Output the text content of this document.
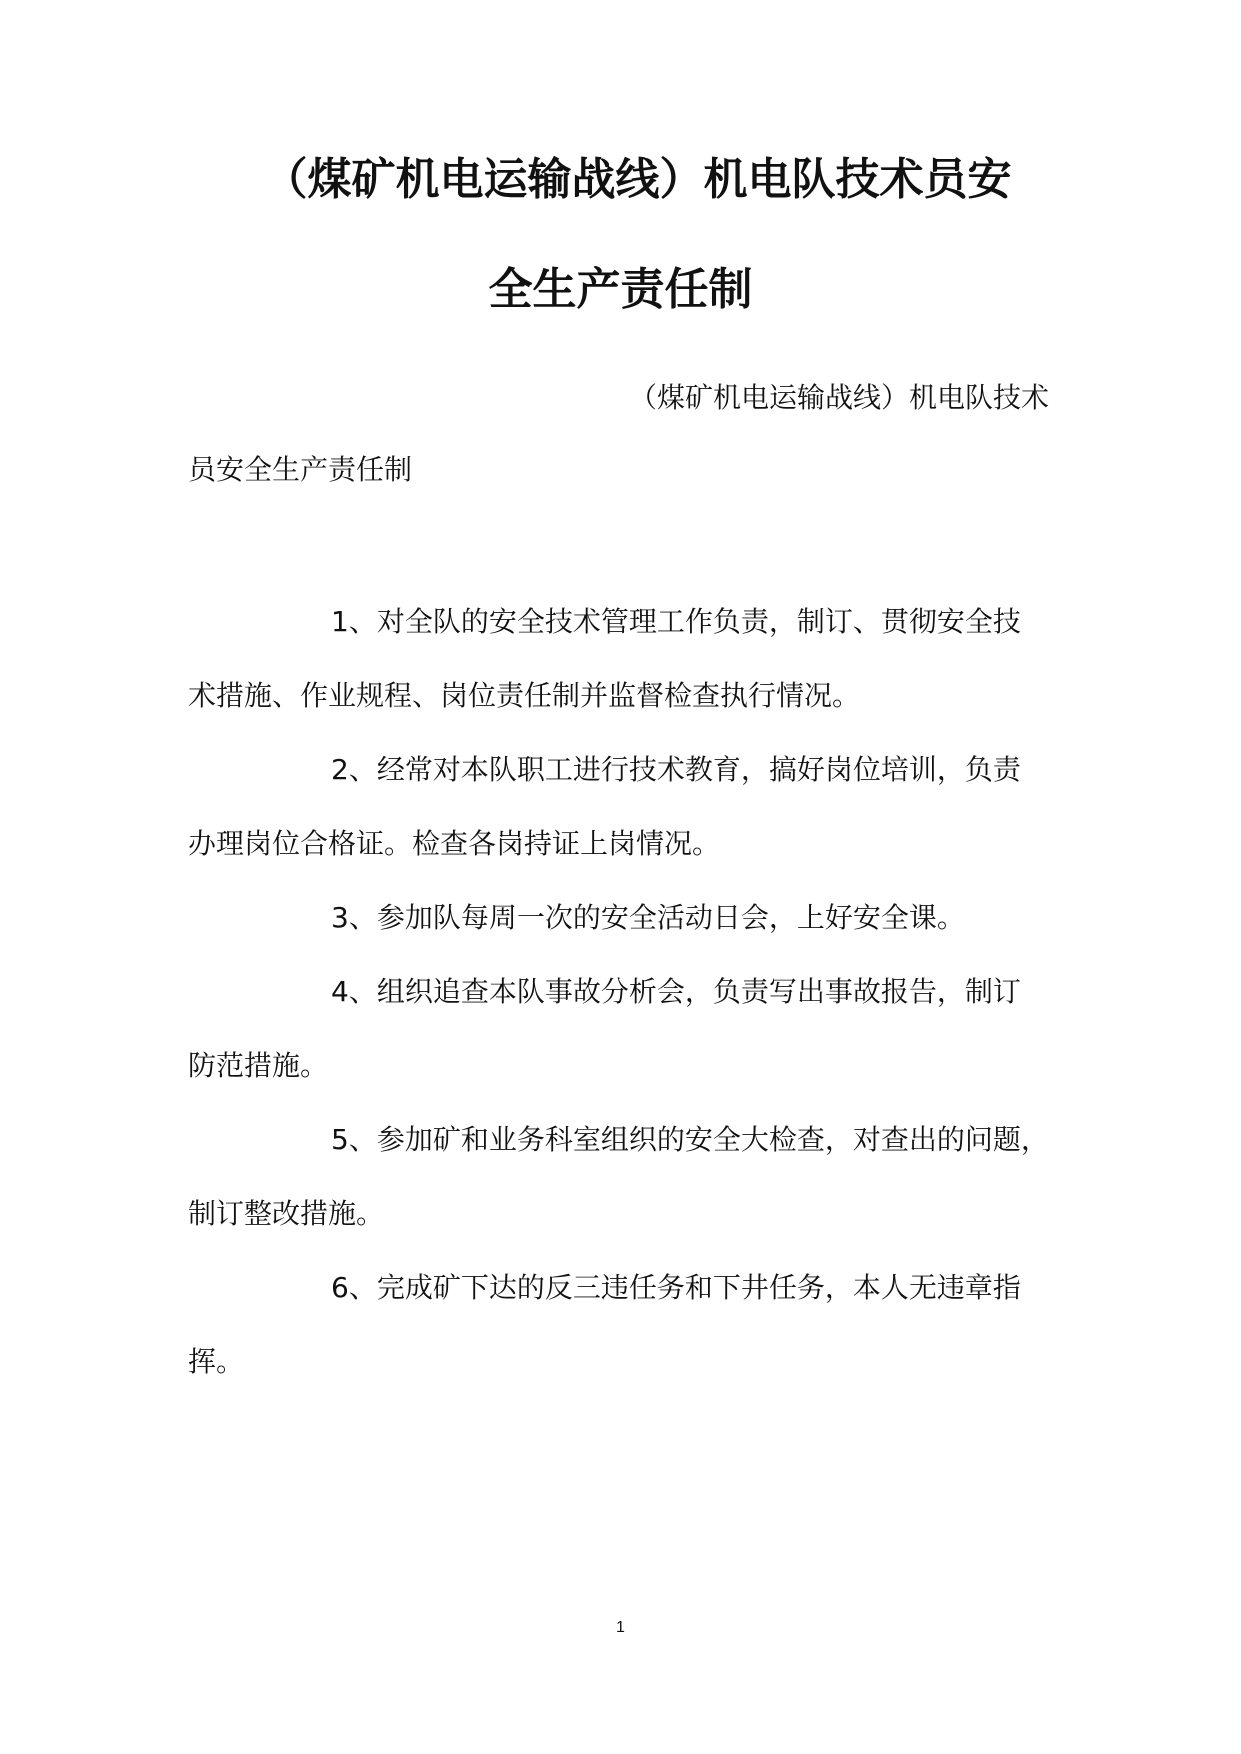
（煤矿机电运输战线）机电队技术员安
全生产责任制
（煤矿机电运输战线）机电队技术
员安全生产责任制
1、对全队的安全技术管理工作负责，制订、贯彻安全技
术措施、作业规程、岗位责任制并监督检查执行情况。
2、经常对本队职工进行技术教育，搞好岗位培训，负责
办理岗位合格证。检查各岗持证上岗情况。
3、参加队每周一次的安全活动日会，上好安全课。
4、组织追查本队事故分析会，负责写出事故报告，制订
防范措施。
5、参加矿和业务科室组织的安全大检查，对查出的问题，
制订整改措施。
6、完成矿下达的反三违任务和下井任务，本人无违章指
挥。
1
